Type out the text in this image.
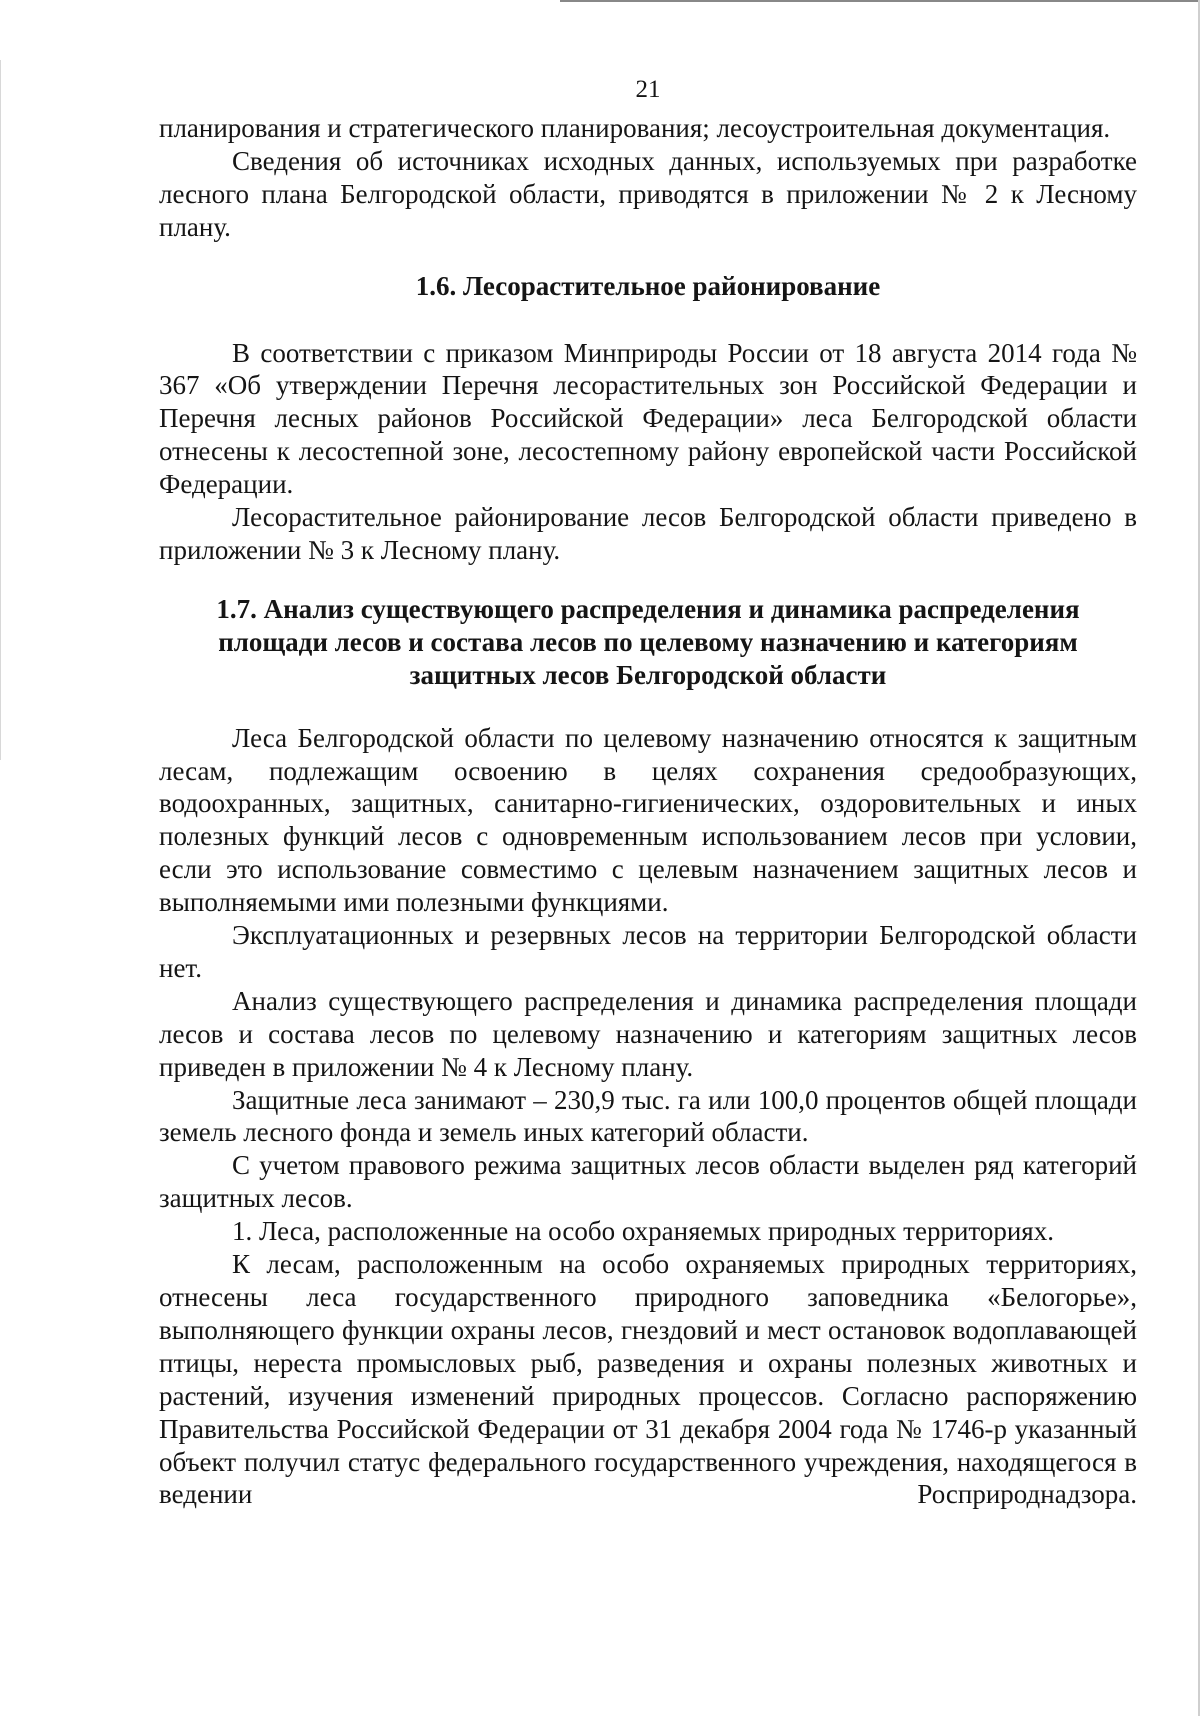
21

планирования и стратегического планирования; лесоустроительная документация.

Сведения об источниках исходных данных, используемых при разработке лесного плана Белгородской области, приводятся в приложении № 2 к Лесному плану.

1.6. Лесорастительное районирование

В соответствии с приказом Минприроды России от 18 августа 2014 года № 367 «Об утверждении Перечня лесорастительных зон Российской Федерации и Перечня лесных районов Российской Федерации» леса Белгородской области отнесены к лесостепной зоне, лесостепному району европейской части Российской Федерации.

Лесорастительное районирование лесов Белгородской области приведено в приложении № 3 к Лесному плану.

1.7. Анализ существующего распределения и динамика распределения площади лесов и состава лесов по целевому назначению и категориям защитных лесов Белгородской области

Леса Белгородской области по целевому назначению относятся к защитным лесам, подлежащим освоению в целях сохранения средообразующих, водоохранных, защитных, санитарно-гигиенических, оздоровительных и иных полезных функций лесов с одновременным использованием лесов при условии, если это использование совместимо с целевым назначением защитных лесов и выполняемыми ими полезными функциями.

Эксплуатационных и резервных лесов на территории Белгородской области нет.

Анализ существующего распределения и динамика распределения площади лесов и состава лесов по целевому назначению и категориям защитных лесов приведен в приложении № 4 к Лесному плану.

Защитные леса занимают – 230,9 тыс. га или 100,0 процентов общей площади земель лесного фонда и земель иных категорий области.

С учетом правового режима защитных лесов области выделен ряд категорий защитных лесов.

1. Леса, расположенные на особо охраняемых природных территориях.

К лесам, расположенным на особо охраняемых природных территориях, отнесены леса государственного природного заповедника «Белогорье», выполняющего функции охраны лесов, гнездовий и мест остановок водоплавающей птицы, нереста промысловых рыб, разведения и охраны полезных животных и растений, изучения изменений природных процессов. Согласно распоряжению Правительства Российской Федерации от 31 декабря 2004 года № 1746-р указанный объект получил статус федерального государственного учреждения, находящегося в ведении Росприроднадзора.
